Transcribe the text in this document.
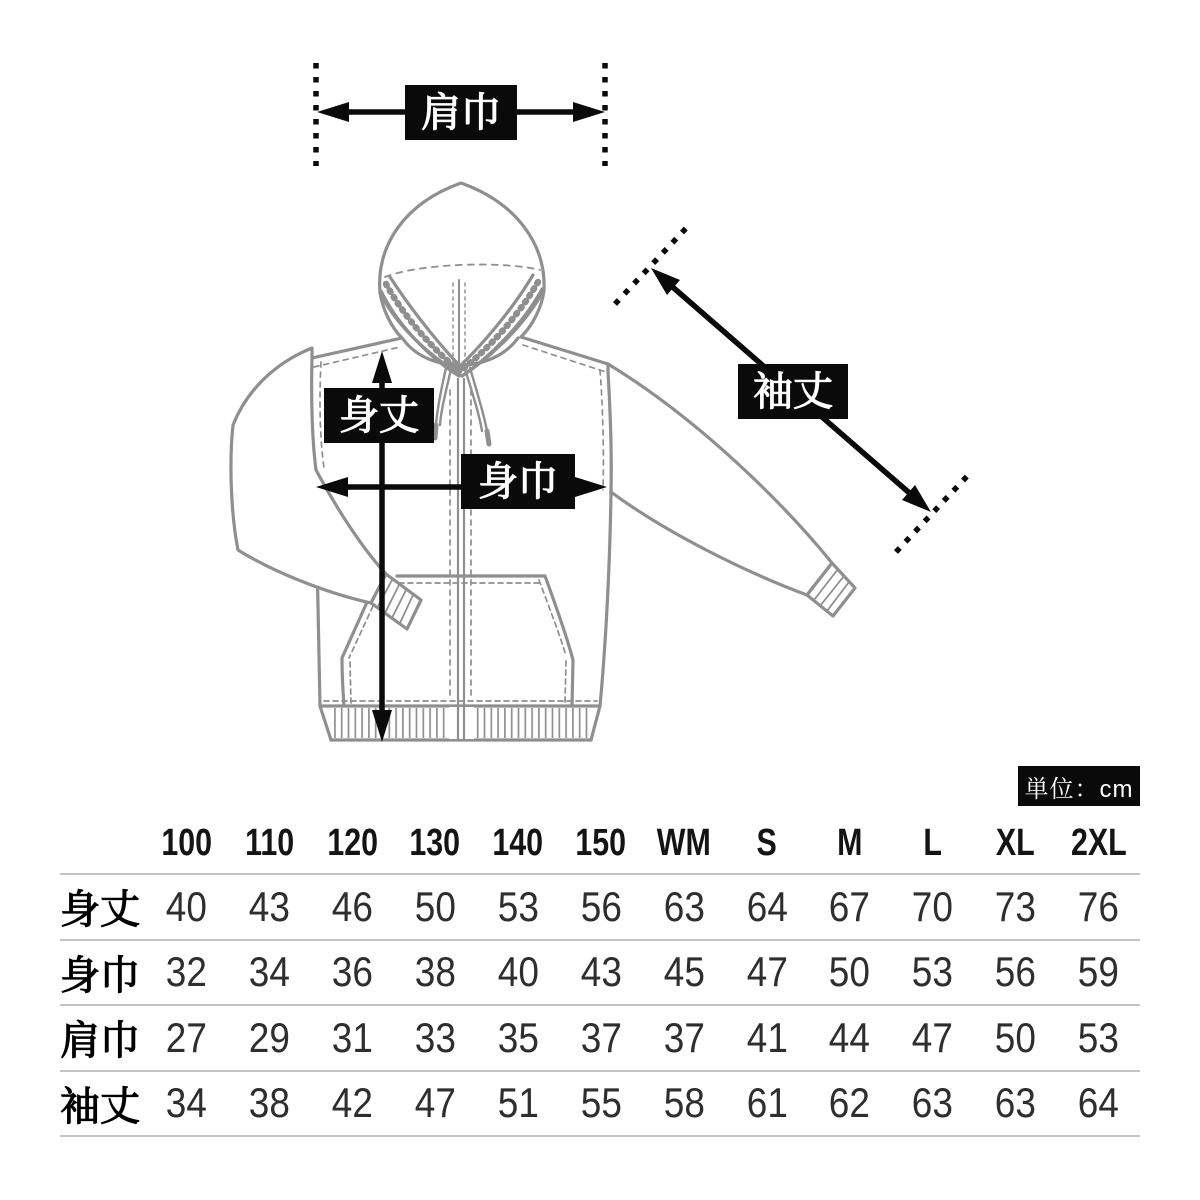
肩巾
身丈
身巾
袖丈
単位：cm
100 110 120 130 140 150 WM	S	M	L	XL 2XL
身丈 40 43 46 50 53 56 63 64 67 70 73 76
身巾 32 34 36 38 40 43 45 47 50 53 56 59
肩巾 27 29 31 33 35 37 37 41 44 47 50 53
袖丈 34 38 42 47 51 55 58 61 62 63 63 64
